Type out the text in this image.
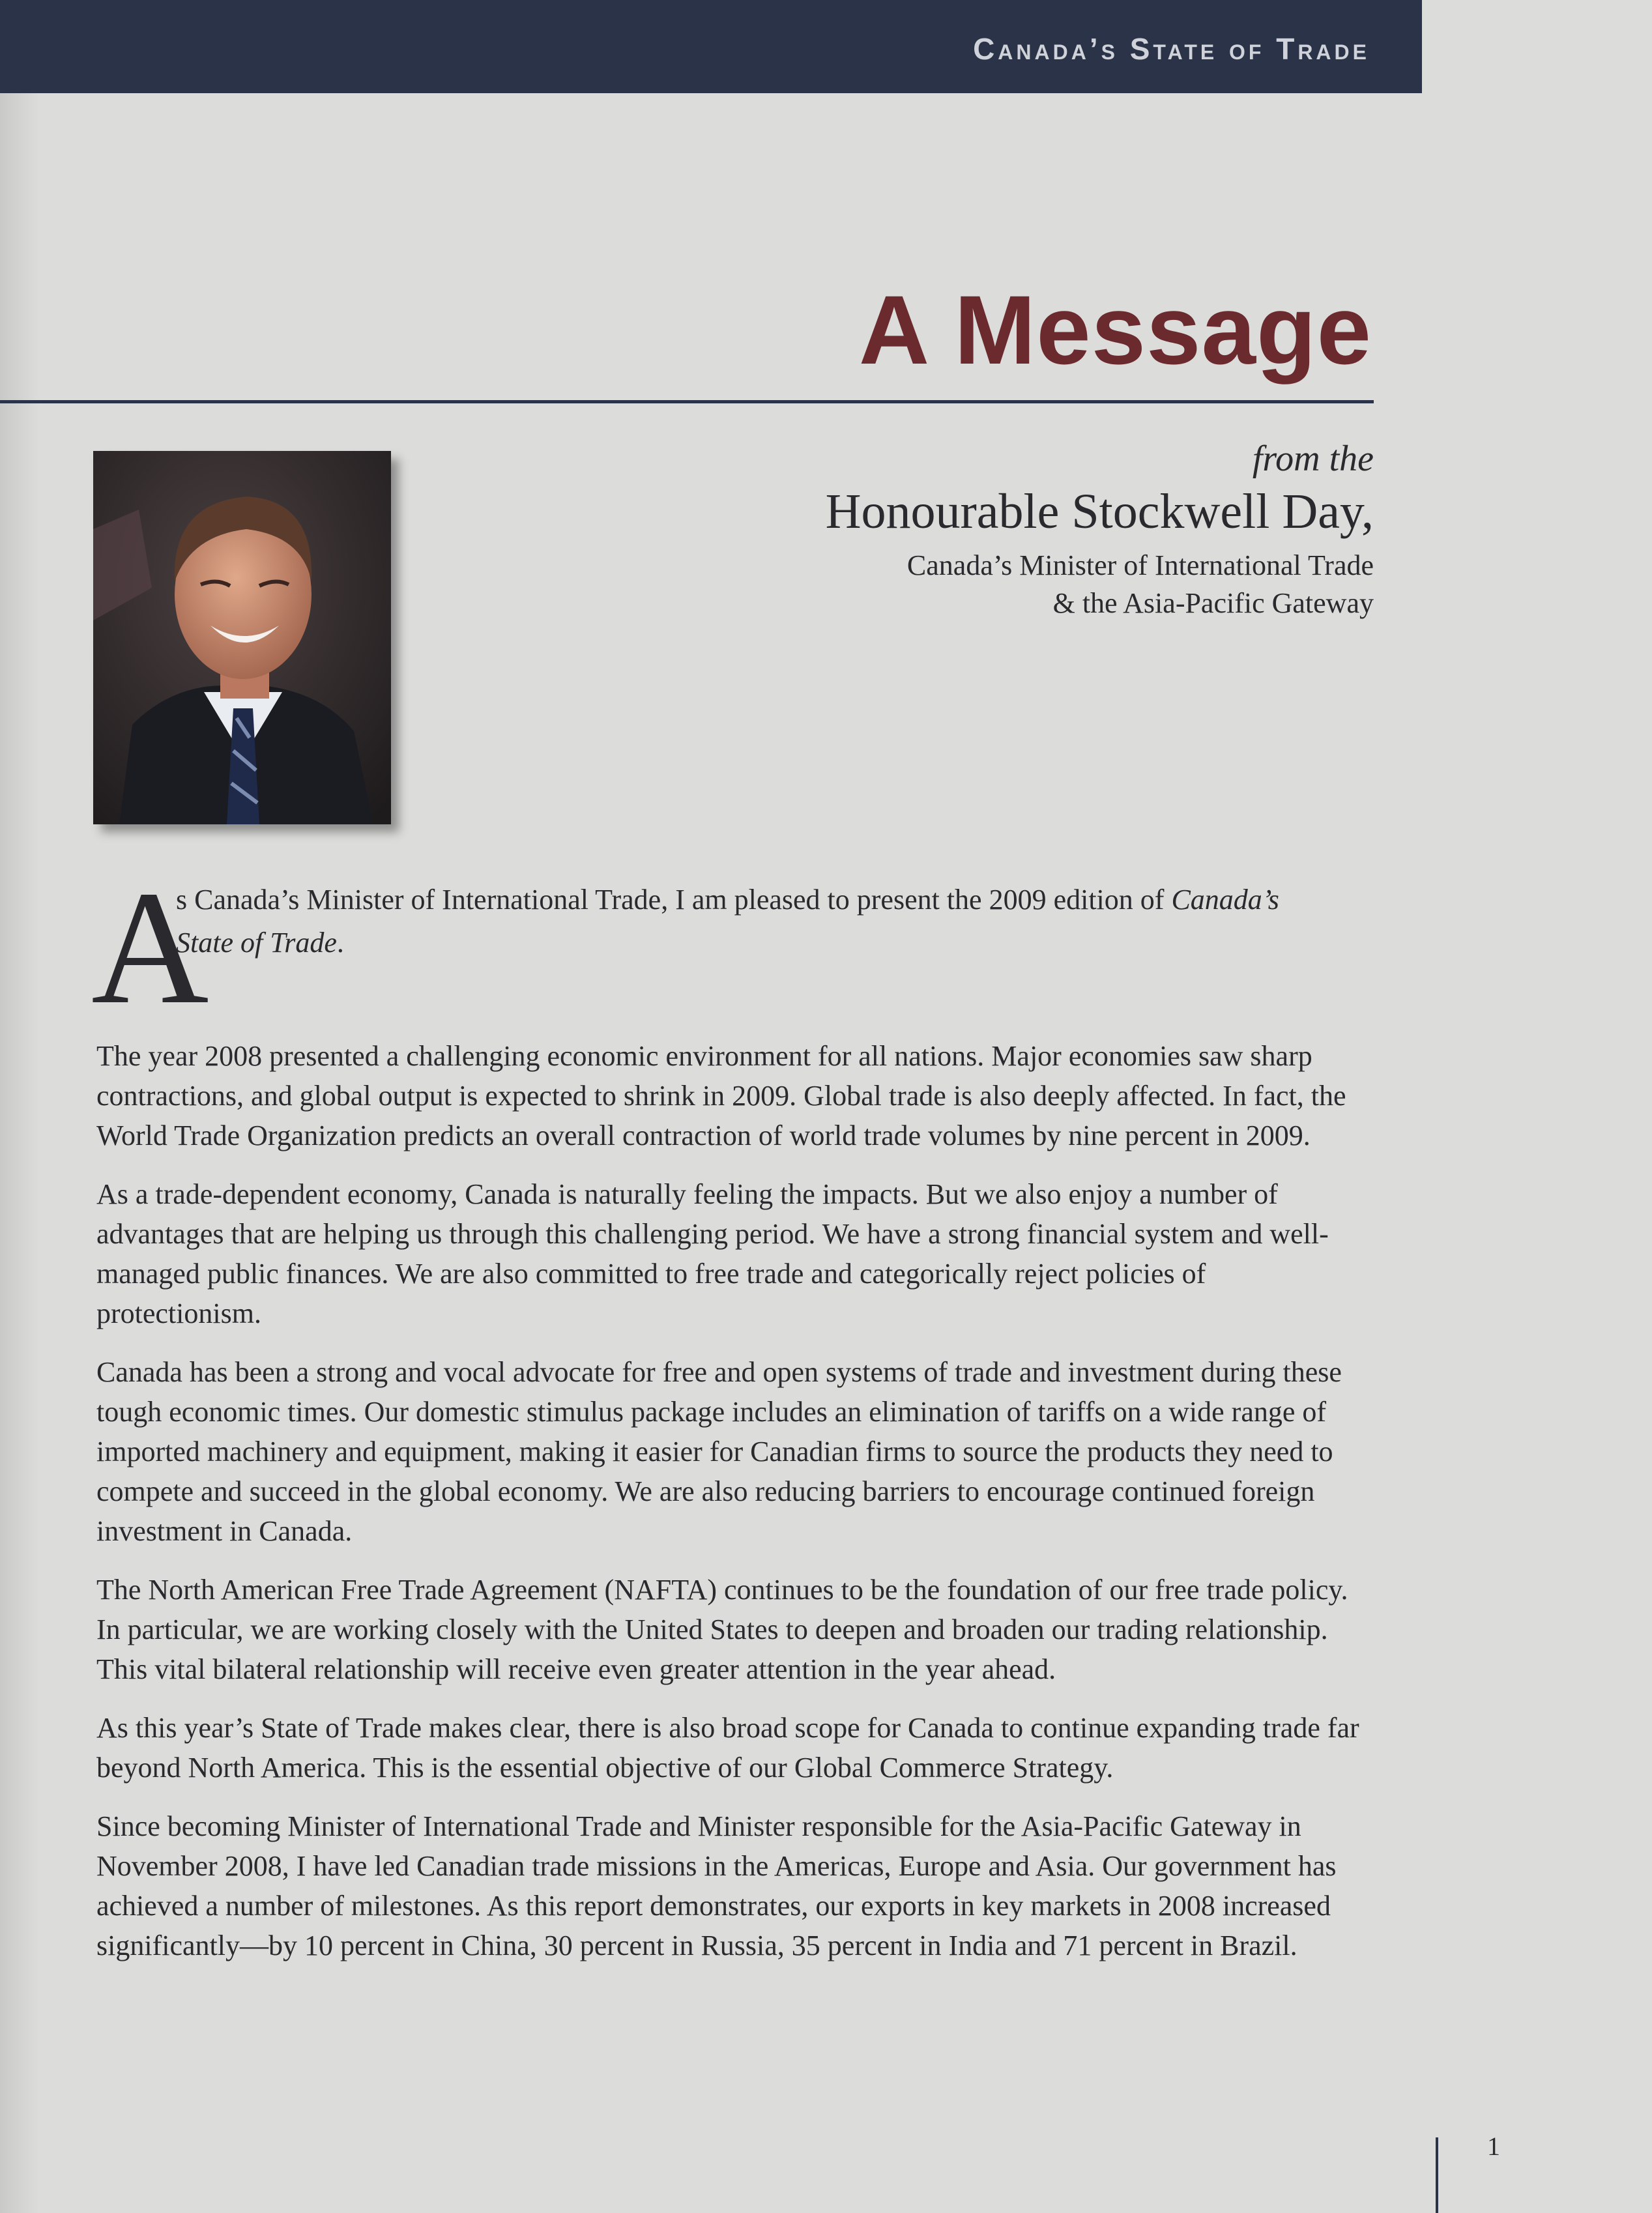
Canada’s State of Trade
A Message
from the
Honourable Stockwell Day,
Canada’s Minister of International Trade
& the Asia-Pacific Gateway
A
s Canada’s Minister of International Trade, I am pleased to present the 2009 edition of Canada’s State of Trade.

The year 2008 presented a challenging economic environment for all nations. Major economies saw sharp contractions, and global output is expected to shrink in 2009. Global trade is also deeply affected. In fact, the World Trade Organization predicts an overall contraction of world trade volumes by nine percent in 2009.

As a trade-dependent economy, Canada is naturally feeling the impacts. But we also enjoy a number of advantages that are helping us through this challenging period. We have a strong financial system and well-managed public finances. We are also committed to free trade and categorically reject policies of protectionism.

Canada has been a strong and vocal advocate for free and open systems of trade and investment during these tough economic times. Our domestic stimulus package includes an elimination of tariffs on a wide range of imported machinery and equipment, making it easier for Canadian firms to source the products they need to compete and succeed in the global economy. We are also reducing barriers to encourage continued foreign investment in Canada.

The North American Free Trade Agreement (NAFTA) continues to be the foundation of our free trade policy. In particular, we are working closely with the United States to deepen and broaden our trading relationship. This vital bilateral relationship will receive even greater attention in the year ahead.

As this year’s State of Trade makes clear, there is also broad scope for Canada to continue expanding trade far beyond North America. This is the essential objective of our Global Commerce Strategy.

Since becoming Minister of International Trade and Minister responsible for the Asia-Pacific Gateway in November 2008, I have led Canadian trade missions in the Americas, Europe and Asia. Our government has achieved a number of milestones. As this report demonstrates, our exports in key markets in 2008 increased significantly—by 10 percent in China, 30 percent in Russia, 35 percent in India and 71 percent in Brazil.

1
